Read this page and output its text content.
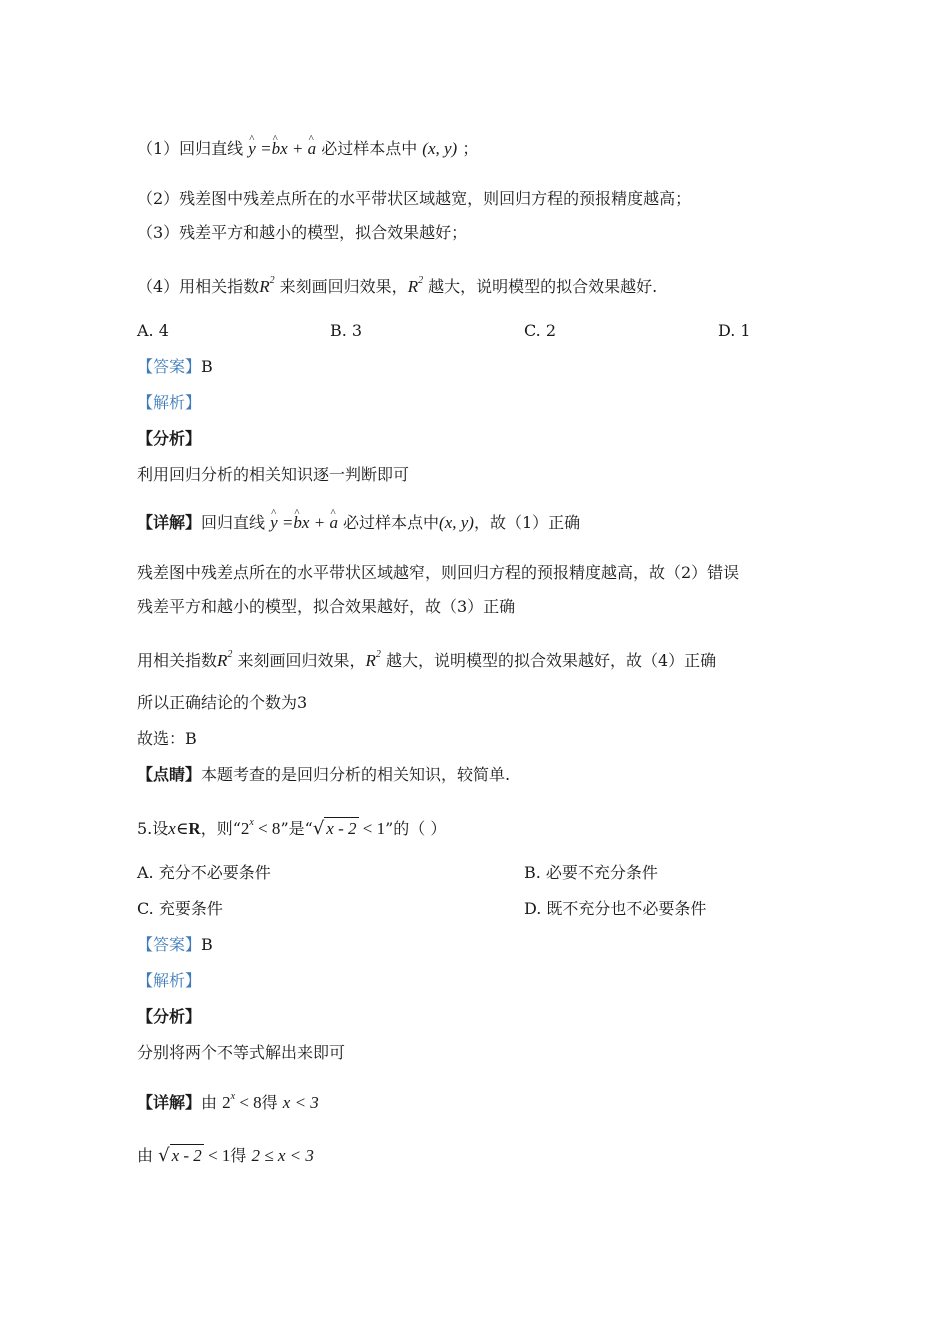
（1）回归直线 ^ y =^ bx + ^ a 必过样本点中 (x, y) ；
（2）残差图中残差点所在的水平带状区域越宽，则回归方程的预报精度越高；
（3）残差平方和越小的模型，拟合效果越好；
（4）用相关指数$R^2$ 来刻画回归效果，$R^2$ 越大，说明模型的拟合效果越好.
A. 4	B. 3	C. 2	D. 1
【答案】B
【解析】
【分析】
利用回归分析的相关知识逐一判断即可
【详解】回归直线 ^ y =^ bx + ^ a 必过样本点中(x, y)，故（1）正确
残差图中残差点所在的水平带状区域越窄，则回归方程的预报精度越高，故（2）错误
残差平方和越小的模型，拟合效果越好，故（3）正确
用相关指数$R^2$ 来刻画回归效果，$R^2$ 越大，说明模型的拟合效果越好，故（4）正确
所以正确结论的个数为3
故选：B
【点睛】本题考查的是回归分析的相关知识，较简单.
5.设x∈R，则“$2^x < 8$”是“√ x - 2 < 1”的（ ）
A. 充分不必要条件	B. 必要不充分条件
C. 充要条件	D. 既不充分也不必要条件
【答案】B
【解析】
【分析】
分别将两个不等式解出来即可
【详解】由 $2^x < 8$得 x < 3
由 √ x - 2 < 1得 2 ≤ x < 3
